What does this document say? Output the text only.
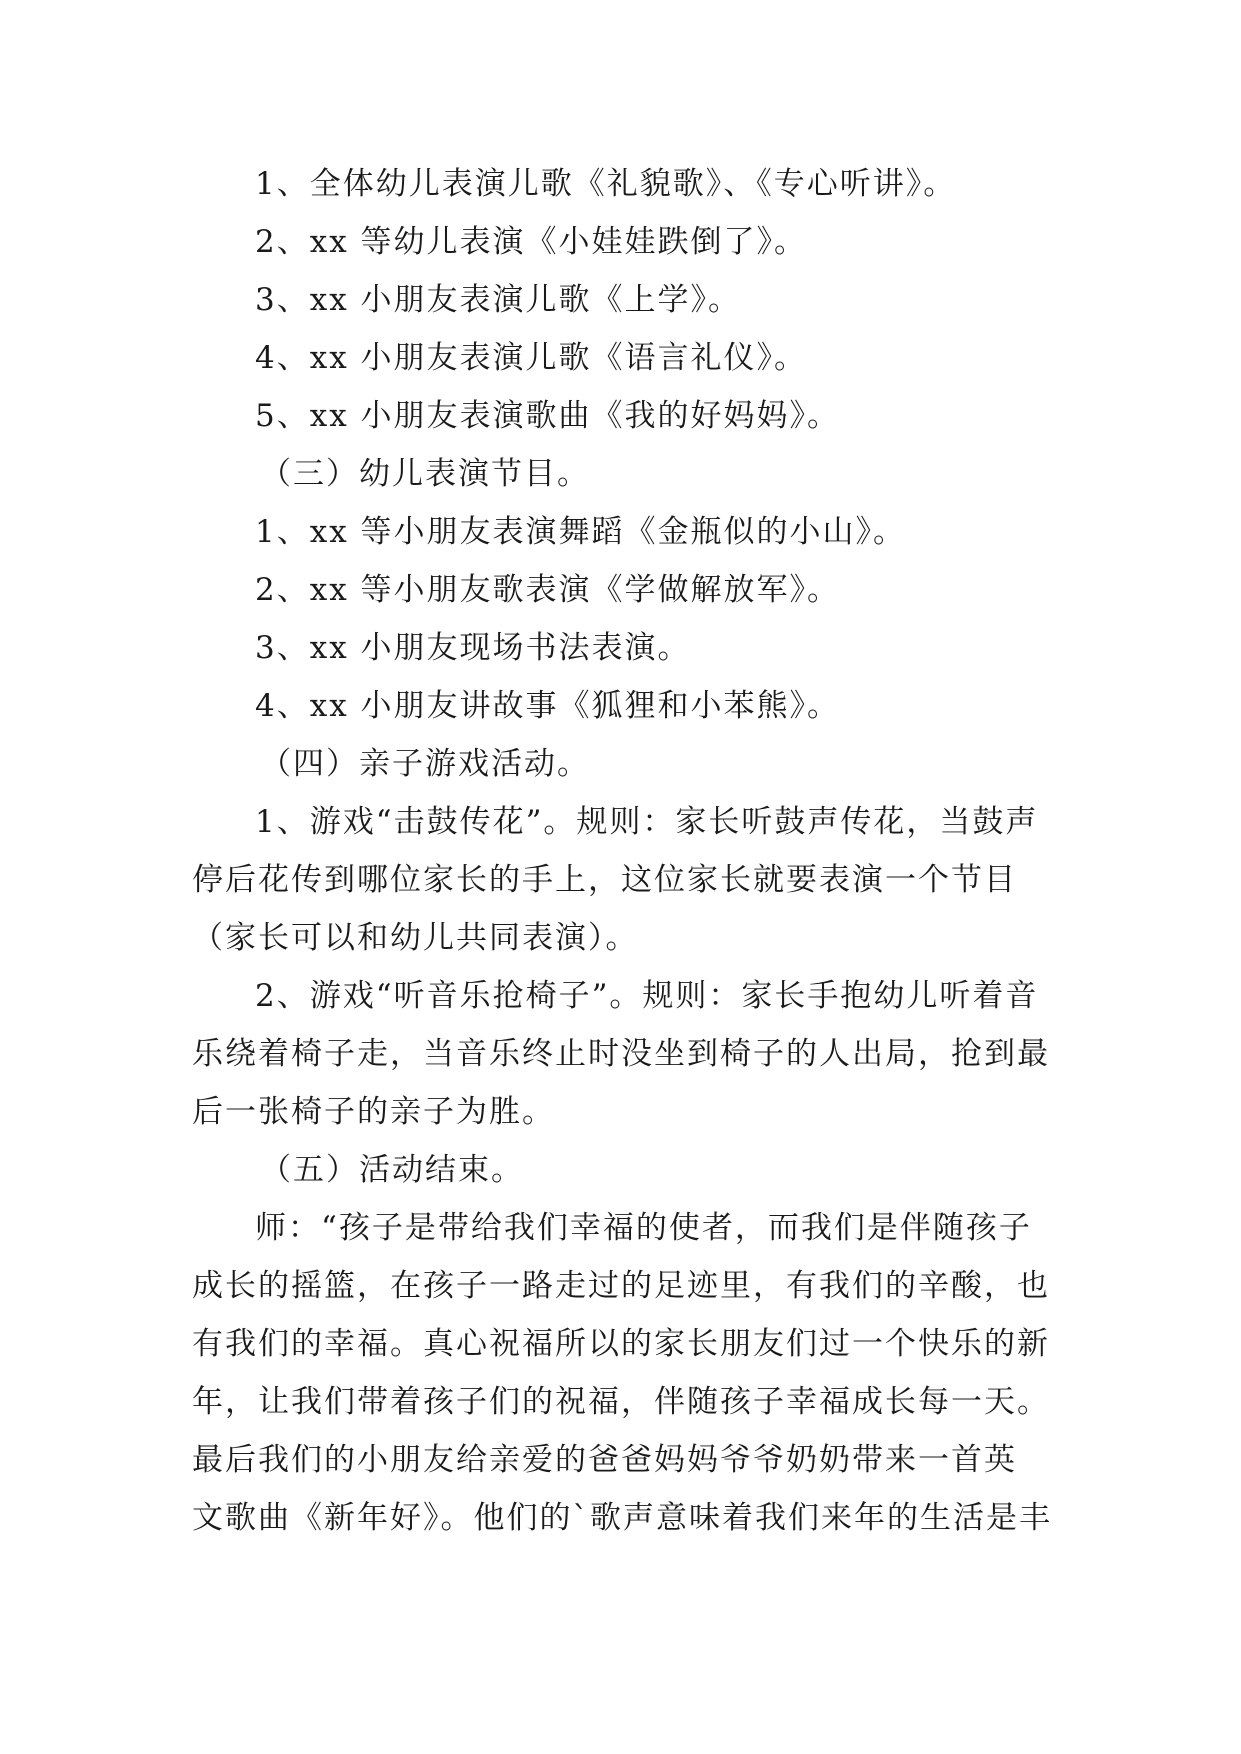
1、全体幼儿表演儿歌《礼貌歌》、《专心听讲》。
2、xx 等幼儿表演《小娃娃跌倒了》。
3、xx 小朋友表演儿歌《上学》。
4、xx 小朋友表演儿歌《语言礼仪》。
5、xx 小朋友表演歌曲《我的好妈妈》。
（三）幼儿表演节目。
1、xx 等小朋友表演舞蹈《金瓶似的小山》。
2、xx 等小朋友歌表演《学做解放军》。
3、xx 小朋友现场书法表演。
4、xx 小朋友讲故事《狐狸和小苯熊》。
（四）亲子游戏活动。
1、游戏“击鼓传花”。规则：家长听鼓声传花，当鼓声
停后花传到哪位家长的手上，这位家长就要表演一个节目
（家长可以和幼儿共同表演）。
2、游戏“听音乐抢椅子”。规则：家长手抱幼儿听着音
乐绕着椅子走，当音乐终止时没坐到椅子的人出局，抢到最
后一张椅子的亲子为胜。
（五）活动结束。
师：“孩子是带给我们幸福的使者，而我们是伴随孩子
成长的摇篮，在孩子一路走过的足迹里，有我们的辛酸，也
有我们的幸福。真心祝福所以的家长朋友们过一个快乐的新
年，让我们带着孩子们的祝福，伴随孩子幸福成长每一天。
最后我们的小朋友给亲爱的爸爸妈妈爷爷奶奶带来一首英
文歌曲《新年好》。他们的`歌声意味着我们来年的生活是丰
